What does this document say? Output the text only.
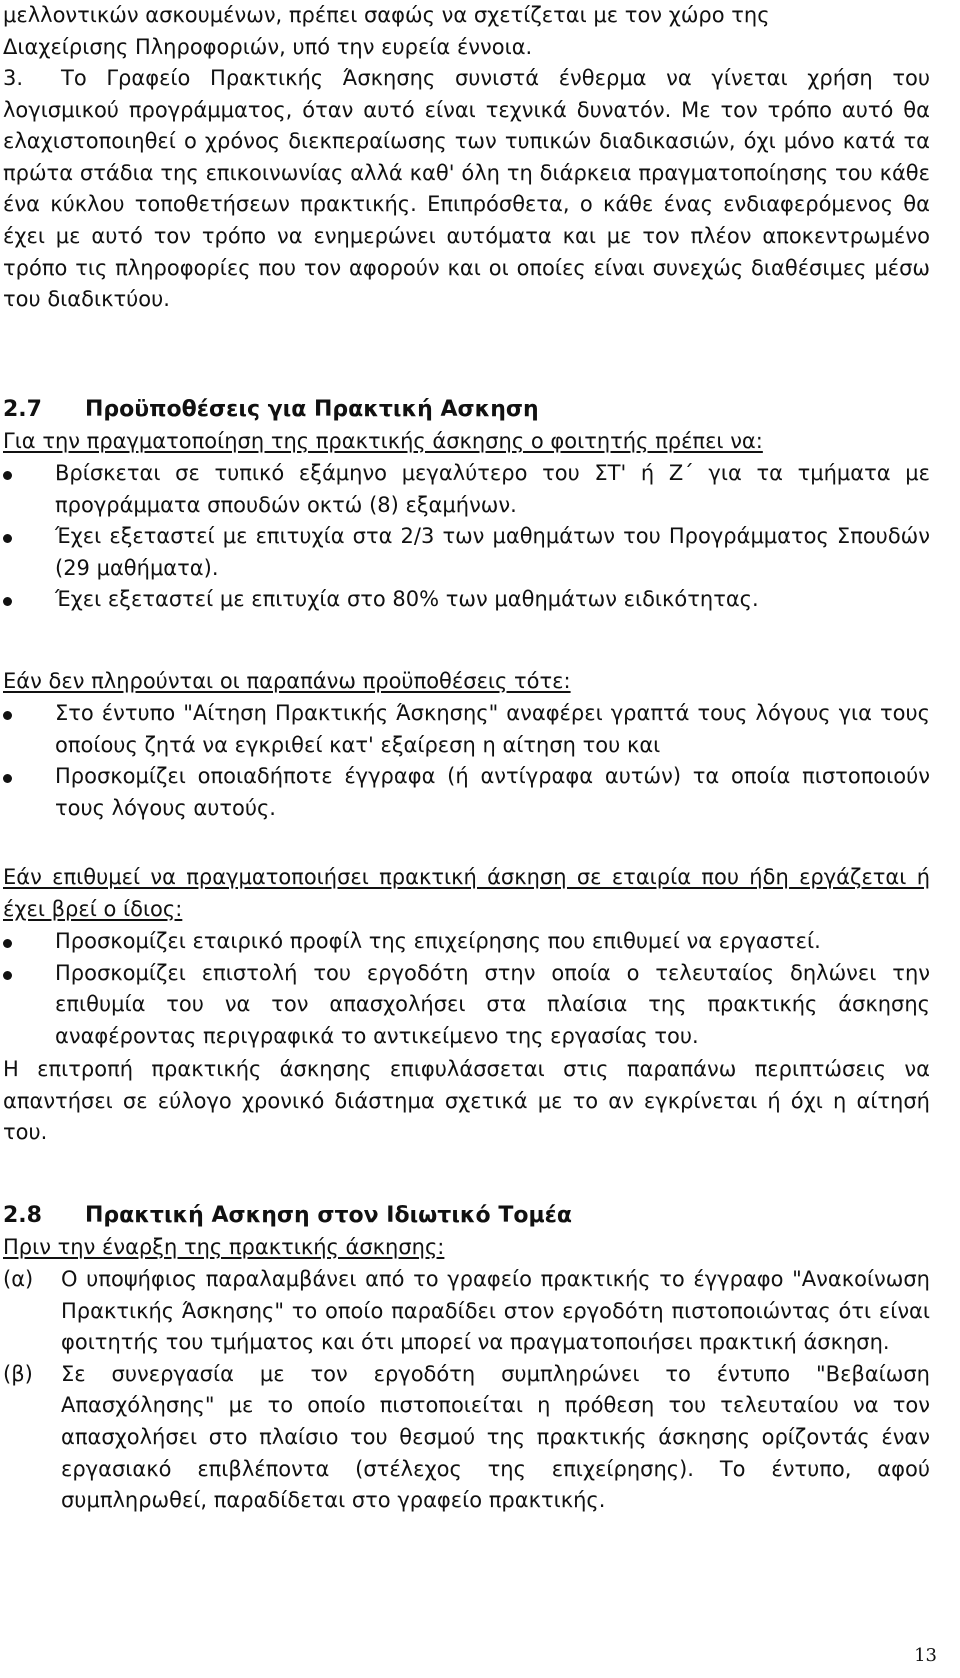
μελλοντικών ασκουμένων, πρέπει σαφώς να σχετίζεται με τον χώρο της
Διαχείρισης Πληροφοριών, υπό την ευρεία έννοια.
3. Το Γραφείο Πρακτικής Άσκησης συνιστά ένθερμα να γίνεται χρήση του λογισμικού προγράμματος, όταν αυτό είναι τεχνικά δυνατόν. Με τον τρόπο αυτό θα ελαχιστοποιηθεί ο χρόνος διεκπεραίωσης των τυπικών διαδικασιών, όχι μόνο κατά τα πρώτα στάδια της επικοινωνίας αλλά καθ' όλη τη διάρκεια πραγματοποίησης του κάθε ένα κύκλου τοποθετήσεων πρακτικής. Επιπρόσθετα, ο κάθε ένας ενδιαφερόμενος θα έχει με αυτό τον τρόπο να ενημερώνει αυτόματα και με τον πλέον αποκεντρωμένο τρόπο τις πληροφορίες που τον αφορούν και οι οποίες είναι συνεχώς διαθέσιμες μέσω του διαδικτύου.
2.7 Προϋποθέσεις για Πρακτική Ασκηση
Για την πραγματοποίηση της πρακτικής άσκησης ο φοιτητής πρέπει να:
Βρίσκεται σε τυπικό εξάμηνο μεγαλύτερο του ΣΤ' ή Ζ΄ για τα τμήματα με προγράμματα σπουδών οκτώ (8) εξαμήνων.
Έχει εξεταστεί με επιτυχία στα 2/3 των μαθημάτων του Προγράμματος Σπουδών (29 μαθήματα).
Έχει εξεταστεί με επιτυχία στο 80% των μαθημάτων ειδικότητας.
Εάν δεν πληρούνται οι παραπάνω προϋποθέσεις τότε:
Στο έντυπο "Αίτηση Πρακτικής Άσκησης" αναφέρει γραπτά τους λόγους για τους οποίους ζητά να εγκριθεί κατ' εξαίρεση η αίτηση του και
Προσκομίζει οποιαδήποτε έγγραφα (ή αντίγραφα αυτών) τα οποία πιστοποιούν τους λόγους αυτούς.
Εάν επιθυμεί να πραγματοποιήσει πρακτική άσκηση σε εταιρία που ήδη εργάζεται ή έχει βρεί ο ίδιος:
Προσκομίζει εταιρικό προφίλ της επιχείρησης που επιθυμεί να εργαστεί.
Προσκομίζει επιστολή του εργοδότη στην οποία ο τελευταίος δηλώνει την επιθυμία του να τον απασχολήσει στα πλαίσια της πρακτικής άσκησης αναφέροντας περιγραφικά το αντικείμενο της εργασίας του.
Η επιτροπή πρακτικής άσκησης επιφυλάσσεται στις παραπάνω περιπτώσεις να απαντήσει σε εύλογο χρονικό διάστημα σχετικά με το αν εγκρίνεται ή όχι η αίτησή του.
2.8 Πρακτική Ασκηση στον Ιδιωτικό Τομέα
Πριν την έναρξη της πρακτικής άσκησης:
(α) Ο υποψήφιος παραλαμβάνει από το γραφείο πρακτικής το έγγραφο "Ανακοίνωση Πρακτικής Άσκησης" το οποίο παραδίδει στον εργοδότη πιστοποιώντας ότι είναι φοιτητής του τμήματος και ότι μπορεί να πραγματοποιήσει πρακτική άσκηση.
(β) Σε συνεργασία με τον εργοδότη συμπληρώνει το έντυπο "Βεβαίωση Απασχόλησης" με το οποίο πιστοποιείται η πρόθεση του τελευταίου να τον απασχολήσει στο πλαίσιο του θεσμού της πρακτικής άσκησης ορίζοντάς έναν εργασιακό επιβλέποντα (στέλεχος της επιχείρησης). Το έντυπο, αφού συμπληρωθεί, παραδίδεται στο γραφείο πρακτικής.
13
